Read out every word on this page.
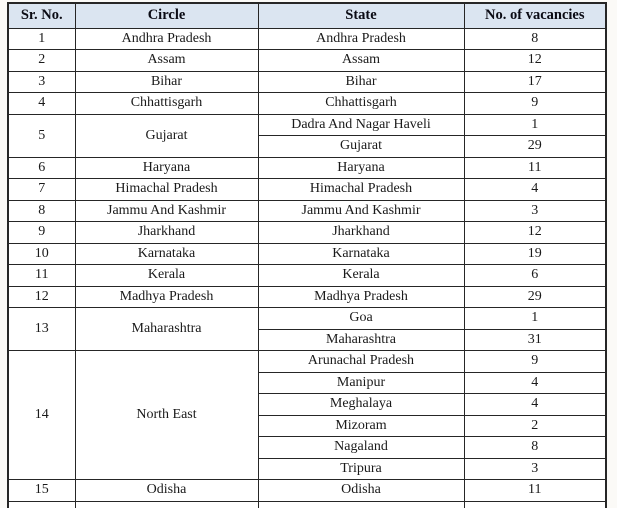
Sr. No.	Circle	State	No. of vacancies
1	Andhra Pradesh	Andhra Pradesh	8
2	Assam	Assam	12
3	Bihar	Bihar	17
4	Chhattisgarh	Chhattisgarh	9
5	Gujarat	Dadra And Nagar Haveli	1
		Gujarat	29
6	Haryana	Haryana	11
7	Himachal Pradesh	Himachal Pradesh	4
8	Jammu And Kashmir	Jammu And Kashmir	3
9	Jharkhand	Jharkhand	12
10	Karnataka	Karnataka	19
11	Kerala	Kerala	6
12	Madhya Pradesh	Madhya Pradesh	29
13	Maharashtra	Goa	1
		Maharashtra	31
14	North East	Arunachal Pradesh	9
		Manipur	4
		Meghalaya	4
		Mizoram	2
		Nagaland	8
		Tripura	3
15	Odisha	Odisha	11
